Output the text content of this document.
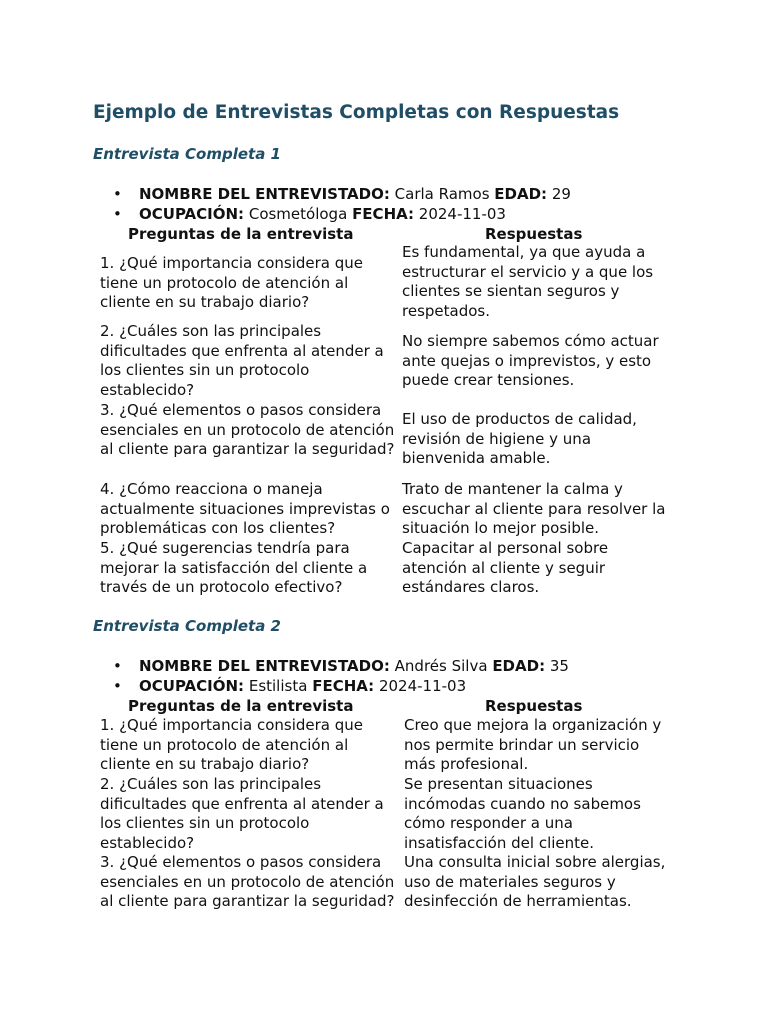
Ejemplo de Entrevistas Completas con Respuestas
Entrevista Completa 1
• NOMBRE DEL ENTREVISTADO: Carla Ramos EDAD: 29
• OCUPACIÓN: Cosmetóloga FECHA: 2024-11-03
Preguntas de la entrevista	Respuestas

1. ¿Qué importancia considera que tiene un protocolo de atención al cliente en su trabajo diario?

Es fundamental, ya que ayuda a estructurar el servicio y a que los clientes se sientan seguros y respetados.

2. ¿Cuáles son las principales dificultades que enfrenta al atender a los clientes sin un protocolo establecido?

No siempre sabemos cómo actuar ante quejas o imprevistos, y esto puede crear tensiones.

3. ¿Qué elementos o pasos considera esenciales en un protocolo de atención al cliente para garantizar la seguridad?

El uso de productos de calidad, revisión de higiene y una bienvenida amable.

4. ¿Cómo reacciona o maneja actualmente situaciones imprevistas o problemáticas con los clientes?

Trato de mantener la calma y escuchar al cliente para resolver la situación lo mejor posible.

5. ¿Qué sugerencias tendría para mejorar la satisfacción del cliente a través de un protocolo efectivo?

Capacitar al personal sobre atención al cliente y seguir estándares claros.

Entrevista Completa 2
• NOMBRE DEL ENTREVISTADO: Andrés Silva EDAD: 35
• OCUPACIÓN: Estilista FECHA: 2024-11-03
Preguntas de la entrevista	Respuestas

1. ¿Qué importancia considera que tiene un protocolo de atención al cliente en su trabajo diario?

Creo que mejora la organización y nos permite brindar un servicio más profesional.

2. ¿Cuáles son las principales dificultades que enfrenta al atender a los clientes sin un protocolo establecido?

Se presentan situaciones incómodas cuando no sabemos cómo responder a una insatisfacción del cliente.

3. ¿Qué elementos o pasos considera esenciales en un protocolo de atención al cliente para garantizar la seguridad?

Una consulta inicial sobre alergias, uso de materiales seguros y desinfección de herramientas.
